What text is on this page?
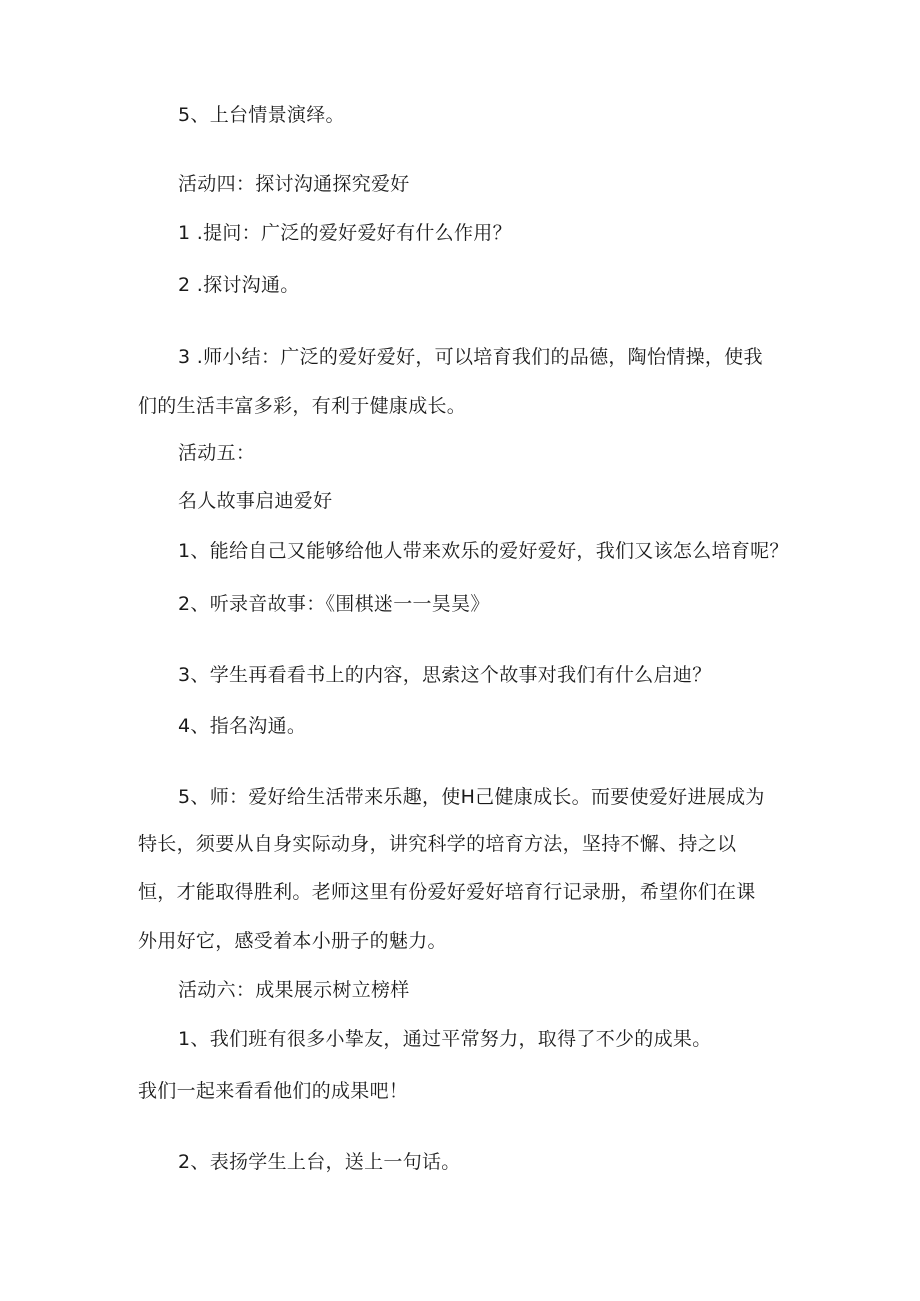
5、上台情景演绎。
活动四：探讨沟通探究爱好
1 .提问：广泛的爱好爱好有什么作用？
2 .探讨沟通。
3 .师小结：广泛的爱好爱好，可以培育我们的品德，陶怡情操，使我
们的生活丰富多彩，有利于健康成长。
活动五：
名人故事启迪爱好
1、能给自己又能够给他人带来欢乐的爱好爱好，我们又该怎么培育呢？
2、听录音故事：《围棋迷一一昊昊》
3、学生再看看书上的内容，思索这个故事对我们有什么启迪？
4、指名沟通。
5、师：爱好给生活带来乐趣，使H己健康成长。而要使爱好进展成为
特长，须要从自身实际动身，讲究科学的培育方法，坚持不懈、持之以
恒，才能取得胜利。老师这里有份爱好爱好培育行记录册，希望你们在课
外用好它，感受着本小册子的魅力。
活动六：成果展示树立榜样
1、我们班有很多小挚友，通过平常努力，取得了不少的成果。
我们一起来看看他们的成果吧！
2、表扬学生上台，送上一句话。
